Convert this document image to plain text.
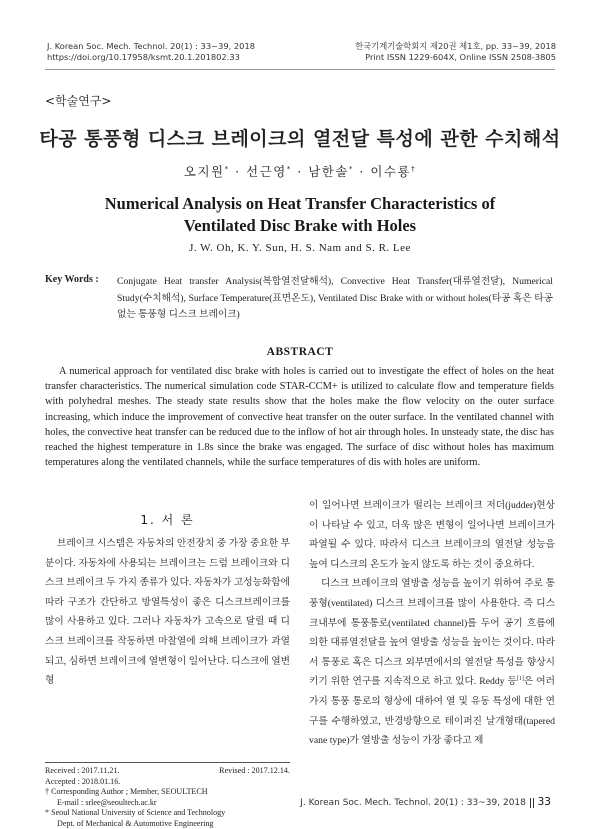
J. Korean Soc. Mech. Technol. 20(1) : 33~39, 2018
https://doi.org/10.17958/ksmt.20.1.201802.33
한국기계기술학회지 제20권 제1호, pp. 33~39, 2018
Print ISSN 1229-604X, Online ISSN 2508-3805
<학술연구>
타공 통풍형 디스크 브레이크의 열전달 특성에 관한 수치해석
오지원* · 선근영* · 남한솔* · 이수룡†
Numerical Analysis on Heat Transfer Characteristics of
Ventilated Disc Brake with Holes
J. W. Oh, K. Y. Sun, H. S. Nam and S. R. Lee
Key Words : Conjugate Heat transfer Analysis(복합열전달해석), Convective Heat Transfer(대류열전달), Numerical Study(수치해석), Surface Temperature(표면온도), Ventilated Disc Brake with or without holes(타공 혹은 타공 없는 통풍형 디스크 브레이크)
ABSTRACT
A numerical approach for ventilated disc brake with holes is carried out to investigate the effect of holes on the heat transfer characteristics. The numerical simulation code STAR-CCM+ is utilized to calculate flow and temperature fields with polyhedral meshes. The steady state results show that the holes make the flow velocity on the outer surface increasing, which induce the improvement of convective heat transfer on the outer surface. In the ventilated channel with holes, the convective heat transfer can be reduced due to the inflow of hot air through holes. In unsteady state, the disc has reached the highest temperature in 1.8s since the brake was engaged. The surface of disc without holes has maximum temperatures along the ventilated channels, while the surface temperatures of dis with holes are uniform.
1. 서 론
브레이크 시스템은 자동차의 안전장치 중 가장 중요한 부분이다. 자동차에 사용되는 브레이크는 드럼 브레이크와 디스크 브레이크 두 가지 종류가 있다. 자동차가 고성능화함에 따라 구조가 간단하고 방열특성이 좋은 디스크브레이크를 많이 사용하고 있다. 그러나 자동차가 고속으로 달릴 때 디스크 브레이크를 작동하면 마찰열에 의해 브레이크가 과열되고, 심하면 브레이크에 열변형이 일어난다. 디스크에 열변형
Received : 2017.11.21.	Revised : 2017.12.14.
Accepted : 2018.01.16.
† Corresponding Author ; Member, SEOULTECH
E-mail : srlee@seoultech.ac.kr
* Seoul National University of Science and Technology
Dept. of Mechanical & Automotive Engineering

이 일어나면 브레이크가 떨리는 브레이크 저더(judder)현상이 나타날 수 있고, 더욱 많은 변형이 일어나면 브레이크가 파열될 수 있다. 따라서 디스크 브레이크의 열전달 성능을 높여 디스크의 온도가 높지 않도록 하는 것이 중요하다.

디스크 브레이크의 열방출 성능을 높이기 위하여 주로 통풍형(ventilated) 디스크 브레이크를 많이 사용한다. 즉 디스크내부에 통풍통로(ventilated channel)를 두어 공기 흐름에 의한 대류열전달을 높여 열방출 성능을 높이는 것이다. 따라서 통풍로 혹은 디스크 외부면에서의 열전달 특성을 향상시키기 위한 연구를 지속적으로 하고 있다. Reddy 등[1]은 여러 가지 통풍 통로의 형상에 대하여 열 및 유동 특성에 대한 연구를 수행하였고, 반경방향으로 테이퍼진 날개형태(tapered vane type)가 열방출 성능이 가장 좋다고 제

J. Korean Soc. Mech. Technol. 20(1) : 33~39, 2018 33
